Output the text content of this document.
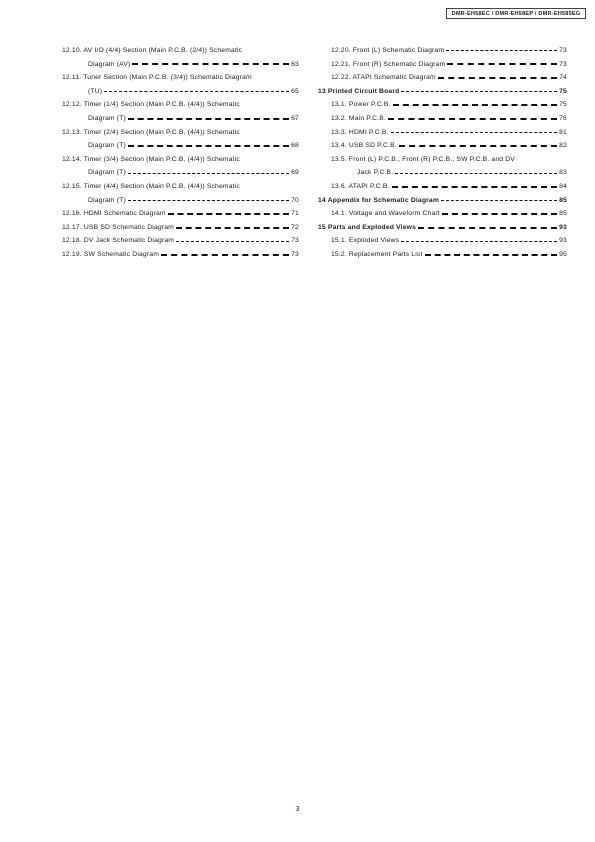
DMR-EH58EC / DMR-EH58EP / DMR-EH585EG
12.10. AV I/O (4/4) Section (Main P.C.B. (2/4)) Schematic
Diagram (AV)	63
12.11. Tuner Section (Main P.C.B. (3/4)) Schematic Diagram
(TU)	65
12.12. Timer (1/4) Section (Main P.C.B. (4/4)) Schematic
Diagram (T)	67
12.13. Timer (2/4) Section (Main P.C.B. (4/4)) Schematic
Diagram (T)	68
12.14. Timer (3/4) Section (Main P.C.B. (4/4)) Schematic
Diagram (T)	69
12.15. Timer (4/4) Section (Main P.C.B. (4/4)) Schematic
Diagram (T)	70
12.16. HDMI Schematic Diagram	71
12.17. USB SD Schematic Diagram	72
12.18. DV Jack Schematic Diagram	73
12.19. SW Schematic Diagram	73
12.20. Front (L) Schematic Diagram	73
12.21. Front (R) Schematic Diagram	73
12.22. ATAPI Schematic Diagram	74
13 Printed Circuit Board	75
13.1. Power P.C.B.	75
13.2. Main P.C.B.	76
13.3. HDMI P.C.B.	81
13.4. USB SD P.C.B.	82
13.5. Front (L) P.C.B., Front (R) P.C.B., SW P.C.B. and DV
Jack P.C.B.	83
13.6. ATAPI P.C.B.	84
14 Appendix for Schematic Diagram	85
14.1. Voltage and Waveform Chart	85
15 Parts and Exploded Views	93
15.1. Exploded Views	93
15.2. Replacement Parts List	95
3
